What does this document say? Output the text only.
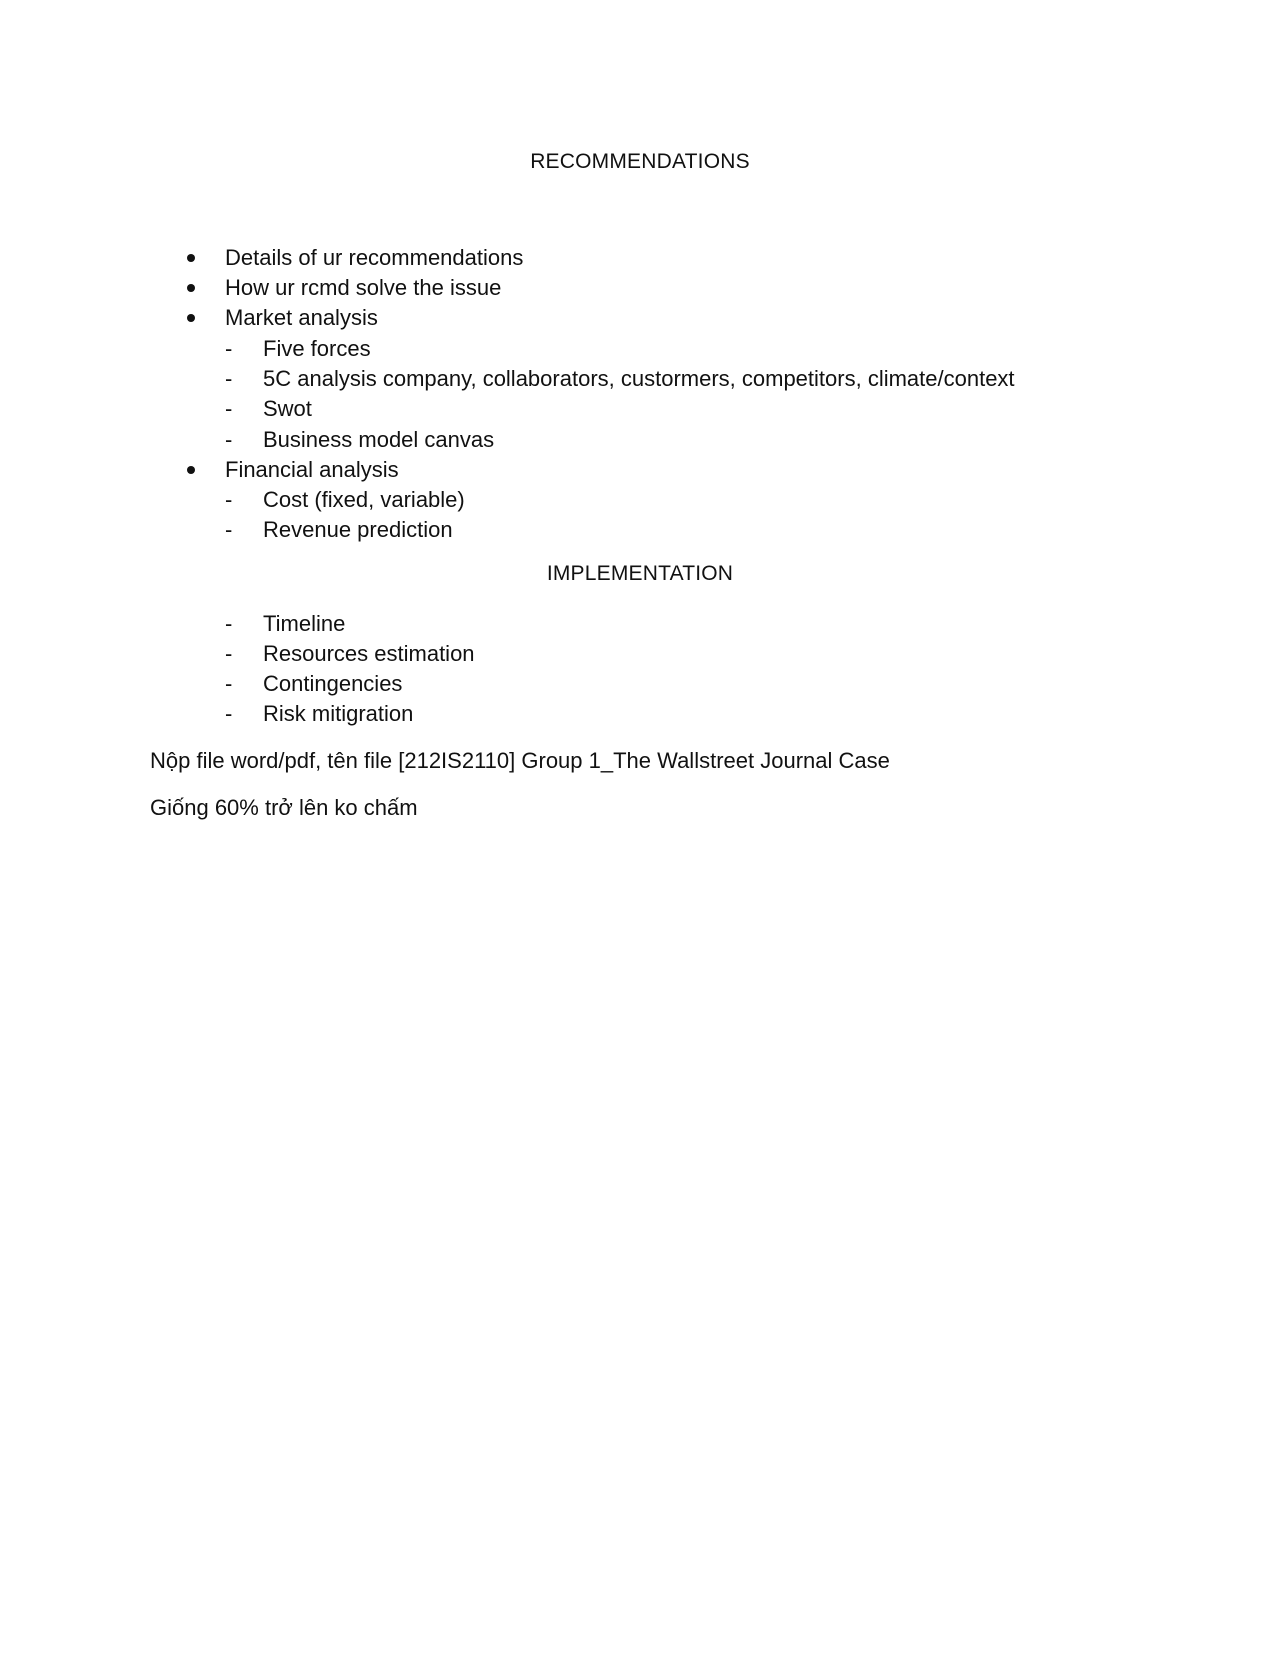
RECOMMENDATIONS
Details of ur recommendations
How ur rcmd solve the issue
Market analysis
- Five forces
- 5C analysis company, collaborators, custormers, competitors, climate/context
- Swot
- Business model canvas
Financial analysis
- Cost (fixed, variable)
- Revenue prediction
IMPLEMENTATION
- Timeline
- Resources estimation
- Contingencies
- Risk mitigration
Nộp file word/pdf, tên file [212IS2110] Group 1_The Wallstreet Journal Case
Giống 60% trở lên ko chấm
